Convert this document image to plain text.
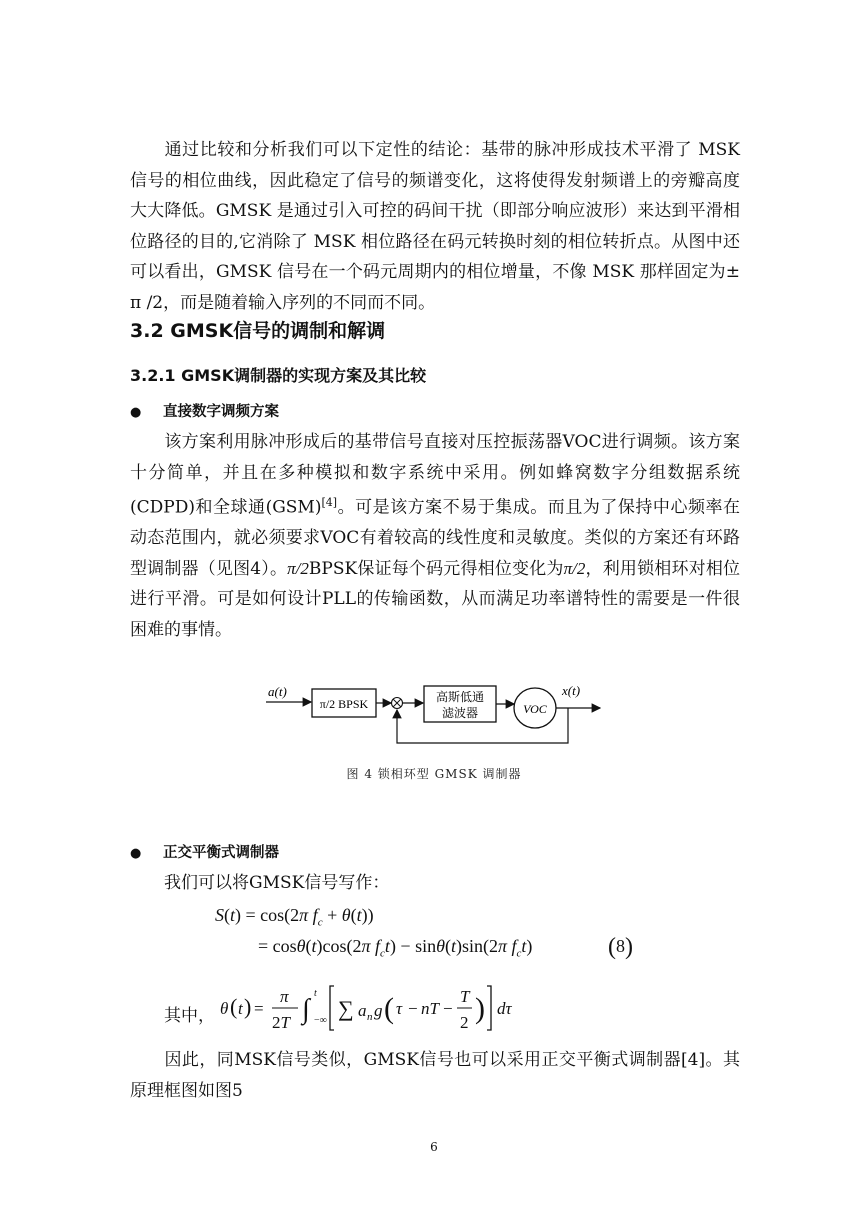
通过比较和分析我们可以下定性的结论：基带的脉冲形成技术平滑了 MSK 信号的相位曲线，因此稳定了信号的频谱变化，这将使得发射频谱上的旁瓣高度大大降低。GMSK 是通过引入可控的码间干扰（即部分响应波形）来达到平滑相位路径的目的,它消除了 MSK 相位路径在码元转换时刻的相位转折点。从图中还可以看出，GMSK 信号在一个码元周期内的相位增量，不像 MSK 那样固定为± π /2，而是随着输入序列的不同而不同。

3.2 GMSK信号的调制和解调
3.2.1 GMSK调制器的实现方案及其比较
● 直接数字调频方案

该方案利用脉冲形成后的基带信号直接对压控振荡器VOC进行调频。该方案十分简单，并且在多种模拟和数字系统中采用。例如蜂窝数字分组数据系统(CDPD)和全球通(GSM)[4]。可是该方案不易于集成。而且为了保持中心频率在动态范围内，就必须要求VOC有着较高的线性度和灵敏度。类似的方案还有环路型调制器（见图4）。π/2BPSK保证每个码元得相位变化为π/2，利用锁相环对相位进行平滑。可是如何设计PLL的传输函数，从而满足功率谱特性的需要是一件很困难的事情。

a(t)
π/2 BPSK	高斯低通
滤波器	VOC
x(t)
图 4 锁相环型 GMSK 调制器
● 正交平衡式调制器

我们可以将GMSK信号写作：

S(t) = cos(2π $f_c + \theta(t)$)
= cosθ(t)cos(2π $f_ct) - \sin\theta(t)\sin(2\pi$ $f_ct$)	(8)
其中， θ ( t ) =
π
2T ∫
t
−∞ ∑ a n g ( τ − nT −
T
2 ) dτ

因此，同MSK信号类似，GMSK信号也可以采用正交平衡式调制器[4]。其原理框图如图5

6
